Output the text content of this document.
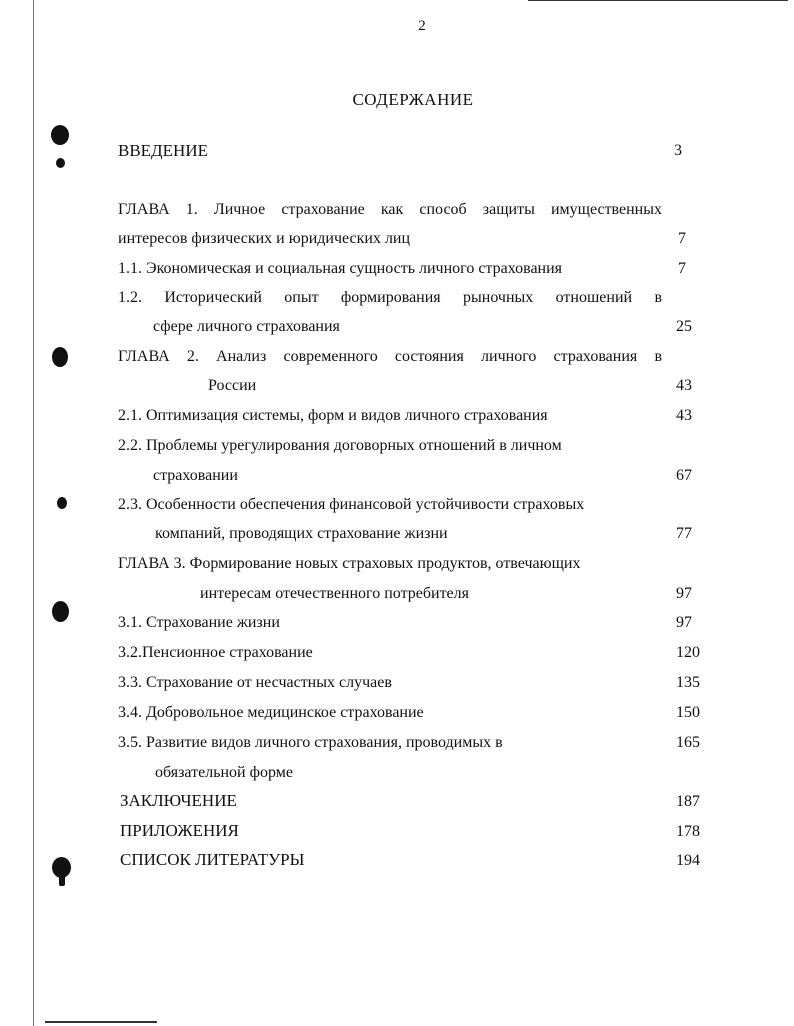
2
СОДЕРЖАНИЕ
ВВЕДЕНИЕ	3
ГЛАВА 1. Личное страхование как способ защиты имущественных
интересов физических и юридических лиц	7
1.1. Экономическая и социальная сущность личного страхования	7
1.2. Исторический опыт формирования рыночных отношений в
сфере личного страхования	25
ГЛАВА 2. Анализ современного состояния личного страхования в
России	43
2.1. Оптимизация системы, форм и видов личного страхования	43
2.2. Проблемы урегулирования договорных отношений в личном
страховании	67
2.3. Особенности обеспечения финансовой устойчивости страховых
компаний, проводящих страхование жизни	77
ГЛАВА 3. Формирование новых страховых продуктов, отвечающих
интересам отечественного потребителя	97
3.1. Страхование жизни	97
3.2.Пенсионное страхование	120
3.3. Страхование от несчастных случаев	135
3.4. Добровольное медицинское страхование	150
3.5. Развитие видов личного страхования, проводимых в	165
обязательной форме
ЗАКЛЮЧЕНИЕ	187
ПРИЛОЖЕНИЯ	178
СПИСОК ЛИТЕРАТУРЫ	194
